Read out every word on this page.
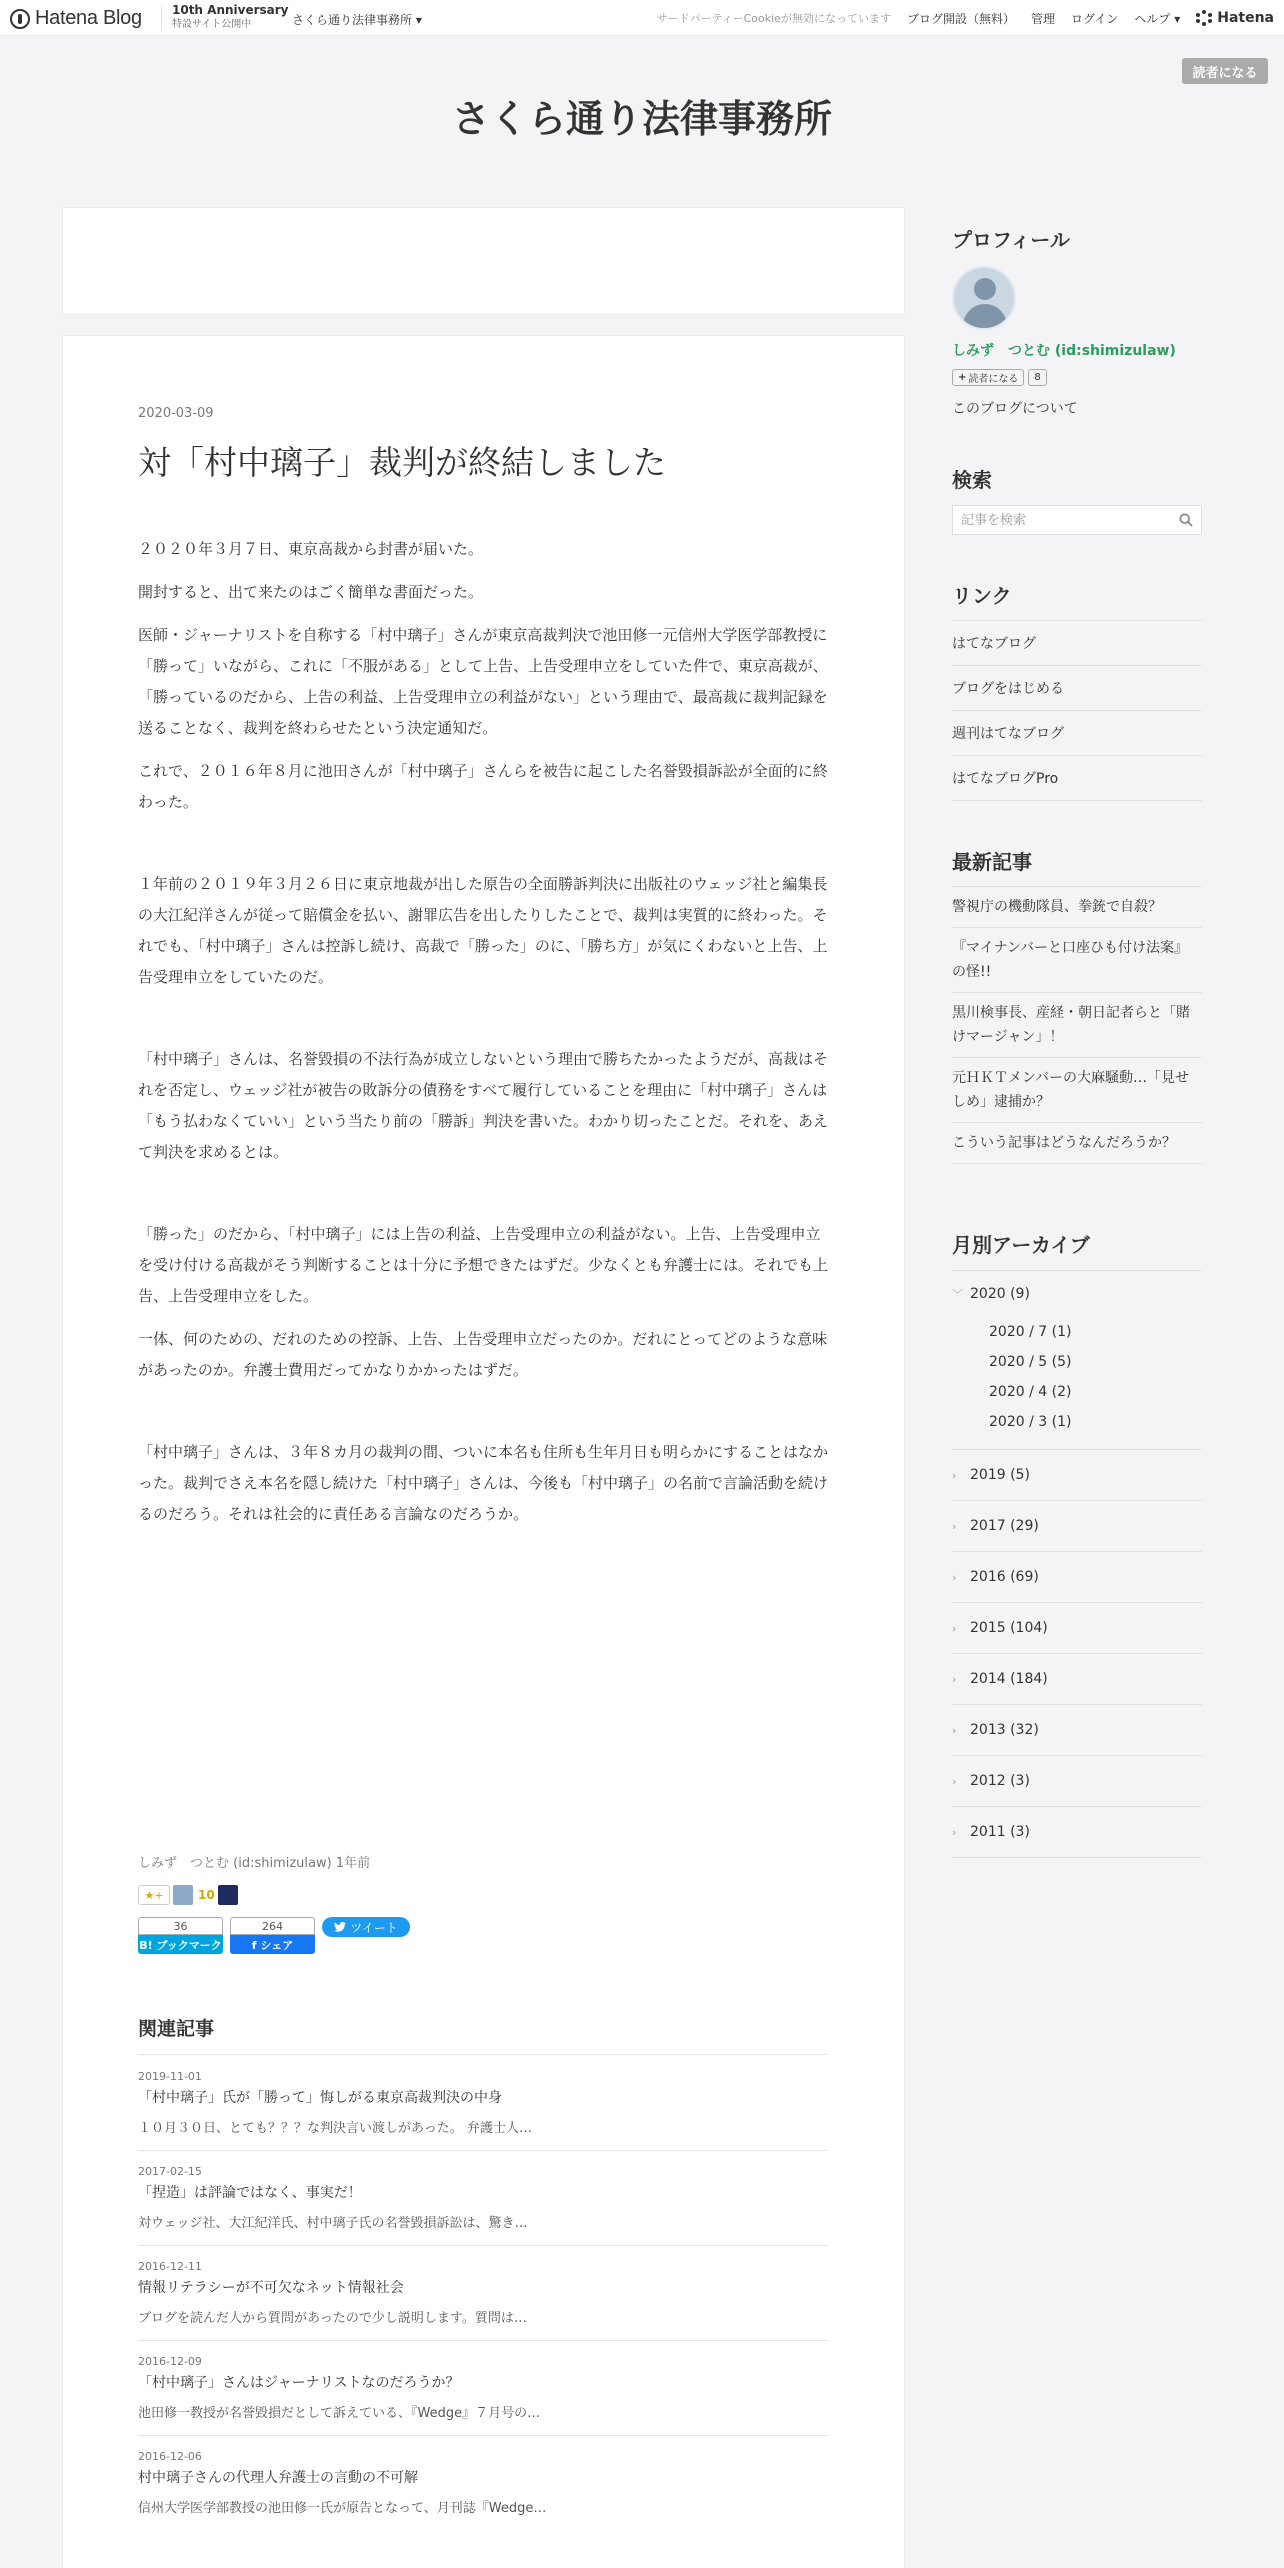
Hatena Blog	10th Anniversary
特設サイト公開中	さくら通り法律事務所 ▾	サードパーティーCookieが無効になっています ブログ開設（無料） 管理 ログイン ヘルプ ▾	Hatena
読者になる
さくら通り法律事務所
2020-03-09
対「村中璃子」裁判が終結しました

２０２０年３月７日、東京高裁から封書が届いた。

開封すると、出て来たのはごく簡単な書面だった。

医師・ジャーナリストを自称する「村中璃子」さんが東京高裁判決で池田修一元信州大学医学部教授に「勝って」いながら、これに「不服がある」として上告、上告受理申立をしていた件で、東京高裁が、「勝っているのだから、上告の利益、上告受理申立の利益がない」という理由で、最高裁に裁判記録を送ることなく、裁判を終わらせたという決定通知だ。

これで、２０１６年８月に池田さんが「村中璃子」さんらを被告に起こした名誉毀損訴訟が全面的に終わった。

１年前の２０１９年３月２６日に東京地裁が出した原告の全面勝訴判決に出版社のウェッジ社と編集長の大江紀洋さんが従って賠償金を払い、謝罪広告を出したりしたことで、裁判は実質的に終わった。それでも、「村中璃子」さんは控訴し続け、高裁で「勝った」のに、「勝ち方」が気にくわないと上告、上告受理申立をしていたのだ。

「村中璃子」さんは、名誉毀損の不法行為が成立しないという理由で勝ちたかったようだが、高裁はそれを否定し、ウェッジ社が被告の敗訴分の債務をすべて履行していることを理由に「村中璃子」さんは「もう払わなくていい」という当たり前の「勝訴」判決を書いた。わかり切ったことだ。それを、あえて判決を求めるとは。

「勝った」のだから、「村中璃子」には上告の利益、上告受理申立の利益がない。上告、上告受理申立を受け付ける高裁がそう判断することは十分に予想できたはずだ。少なくとも弁護士には。それでも上告、上告受理申立をした。

一体、何のための、だれのための控訴、上告、上告受理申立だったのか。だれにとってどのような意味があったのか。弁護士費用だってかなりかかったはずだ。

「村中璃子」さんは、３年８カ月の裁判の間、ついに本名も住所も生年月日も明らかにすることはなかった。裁判でさえ本名を隠し続けた「村中璃子」さんは、今後も「村中璃子」の名前で言論活動を続けるのだろう。それは社会的に責任ある言論なのだろうか。

しみず　つとむ (id:shimizulaw) 1年前
★+	10
36
B! ブックマーク
264
f シェア
ツイート
関連記事
2019-11-01
「村中璃子」氏が「勝って」悔しがる東京高裁判決の中身
１０月３０日、とても？？？な判決言い渡しがあった。 弁護士人…
2017-02-15
「捏造」は評論ではなく、事実だ！
対ウェッジ社、大江紀洋氏、村中璃子氏の名誉毀損訴訟は、驚き…
2016-12-11
情報リテラシーが不可欠なネット情報社会
ブログを読んだ人から質問があったので少し説明します。質問は…
2016-12-09
「村中璃子」さんはジャーナリストなのだろうか？
池田修一教授が名誉毀損だとして訴えている、『Wedge』７月号の…
2016-12-06
村中璃子さんの代理人弁護士の言動の不可解
信州大学医学部教授の池田修一氏が原告となって、月刊誌『Wedge…
プロフィール
しみず　つとむ (id:shimizulaw)
+ 読者になる	8
このブログについて
検索
記事を検索
リンク
はてなブログ
ブログをはじめる
週刊はてなブログ
はてなブログPro
最新記事
警視庁の機動隊員、拳銃で自殺？
『マイナンバーと口座ひも付け法案』の怪!!
黒川検事長、産経・朝日記者らと「賭けマージャン」！
元ＨＫＴメンバーの大麻騒動…「見せしめ」逮捕か？
こういう記事はどうなんだろうか？
月別アーカイブ
﹀ 2020 (9)
2020 / 7 (1)
2020 / 5 (5)
2020 / 4 (2)
2020 / 3 (1)
› 2019 (5)
› 2017 (29)
› 2016 (69)
› 2015 (104)
› 2014 (184)
› 2013 (32)
› 2012 (3)
› 2011 (3)
